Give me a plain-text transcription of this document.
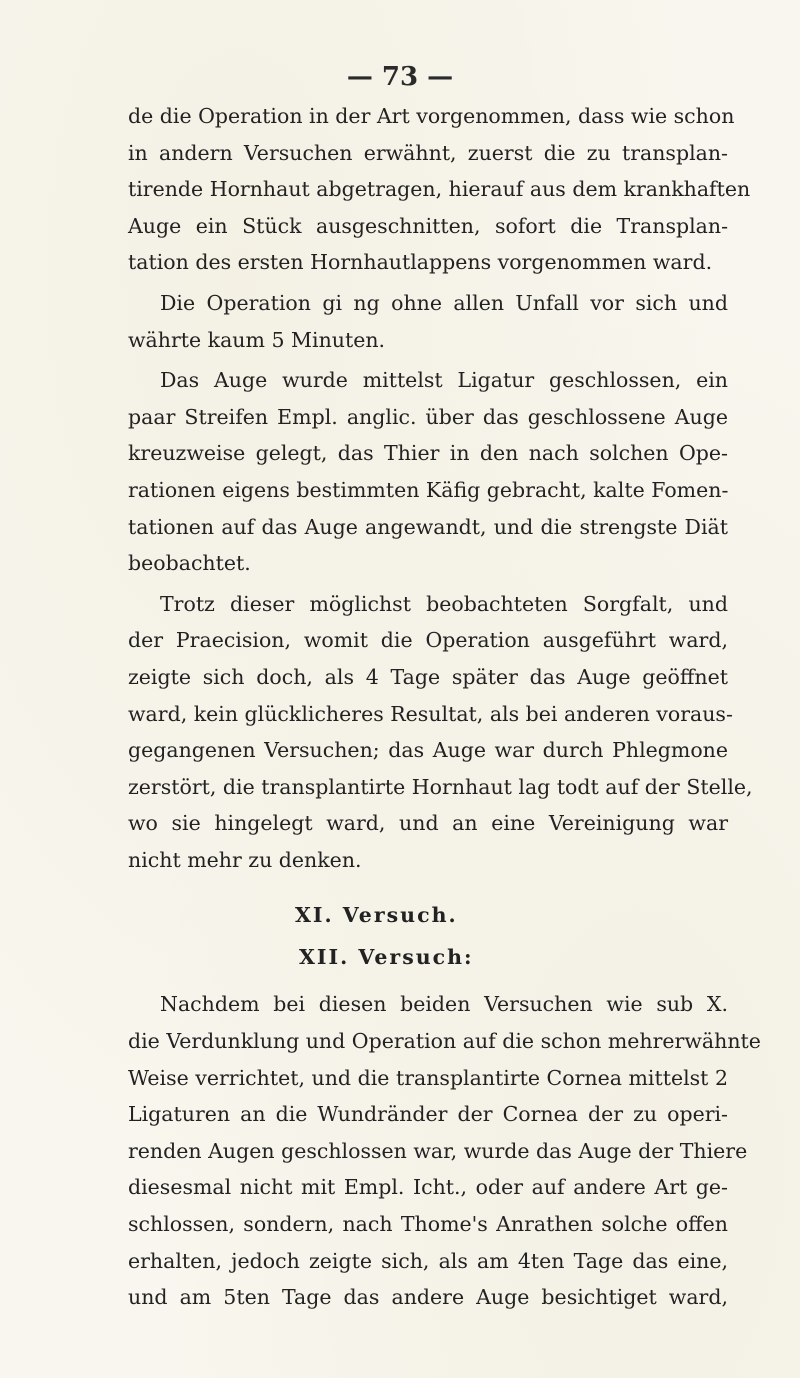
— 73 —
de die Operation in der Art vorgenommen, dass wie schon
in andern Versuchen erwähnt, zuerst die zu transplan-
tirende Hornhaut abgetragen, hierauf aus dem krankhaften
Auge ein Stück ausgeschnitten, sofort die Transplan-
tation des ersten Hornhautlappens vorgenommen ward.
Die Operation gi ng ohne allen Unfall vor sich und
währte kaum 5 Minuten.
Das Auge wurde mittelst Ligatur geschlossen, ein
paar Streifen Empl. anglic. über das geschlossene Auge
kreuzweise gelegt, das Thier in den nach solchen Ope-
rationen eigens bestimmten Käfig gebracht, kalte Fomen-
tationen auf das Auge angewandt, und die strengste Diät
beobachtet.
Trotz dieser möglichst beobachteten Sorgfalt, und
der Praecision, womit die Operation ausgeführt ward,
zeigte sich doch, als 4 Tage später das Auge geöffnet
ward, kein glücklicheres Resultat, als bei anderen voraus-
gegangenen Versuchen; das Auge war durch Phlegmone
zerstört, die transplantirte Hornhaut lag todt auf der Stelle,
wo sie hingelegt ward, und an eine Vereinigung war
nicht mehr zu denken.
XI. Versuch.
XII. Versuch:
Nachdem bei diesen beiden Versuchen wie sub X.
die Verdunklung und Operation auf die schon mehrerwähnte
Weise verrichtet, und die transplantirte Cornea mittelst 2
Ligaturen an die Wundränder der Cornea der zu operi-
renden Augen geschlossen war, wurde das Auge der Thiere
diesesmal nicht mit Empl. Icht., oder auf andere Art ge-
schlossen, sondern, nach Thome's Anrathen solche offen
erhalten, jedoch zeigte sich, als am 4ten Tage das eine,
und am 5ten Tage das andere Auge besichtiget ward,
